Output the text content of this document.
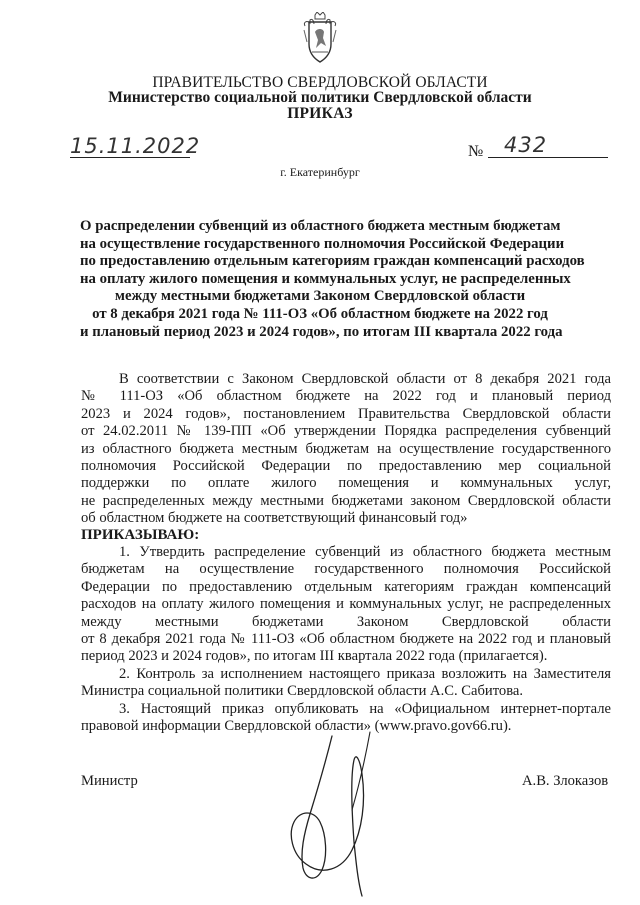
ПРАВИТЕЛЬСТВО СВЕРДЛОВСКОЙ ОБЛАСТИ
Министерство социальной политики Свердловской области
ПРИКАЗ
15.11.2022	№ 432
г. Екатеринбург
О распределении субвенций из областного бюджета местным бюджетам
на осуществление государственного полномочия Российской Федерации
по предоставлению отдельным категориям граждан компенсаций расходов
на оплату жилого помещения и коммунальных услуг, не распределенных
между местными бюджетами Законом Свердловской области
от 8 декабря 2021 года № 111-ОЗ «Об областном бюджете на 2022 год
и плановый период 2023 и 2024 годов», по итогам III квартала 2022 года
В соответствии с Законом Свердловской области от 8 декабря 2021 года
№ 111-ОЗ «Об областном бюджете на 2022 год и плановый период
2023 и 2024 годов», постановлением Правительства Свердловской области
от 24.02.2011 № 139-ПП «Об утверждении Порядка распределения субвенций
из областного бюджета местным бюджетам на осуществление государственного
полномочия Российской Федерации по предоставлению мер социальной
поддержки по оплате жилого помещения и коммунальных услуг,
не распределенных между местными бюджетами законом Свердловской области
об областном бюджете на соответствующий финансовый год»
ПРИКАЗЫВАЮ:
1. Утвердить распределение субвенций из областного бюджета местным
бюджетам на осуществление государственного полномочия Российской
Федерации по предоставлению отдельным категориям граждан компенсаций
расходов на оплату жилого помещения и коммунальных услуг, не распределенных
между местными бюджетами Законом Свердловской области
от 8 декабря 2021 года № 111-ОЗ «Об областном бюджете на 2022 год и плановый
период 2023 и 2024 годов», по итогам III квартала 2022 года (прилагается).
2. Контроль за исполнением настоящего приказа возложить на Заместителя
Министра социальной политики Свердловской области А.С. Сабитова.
3. Настоящий приказ опубликовать на «Официальном интернет-портале
правовой информации Свердловской области» (www.pravo.gov66.ru).
Министр	А.В. Злоказов
